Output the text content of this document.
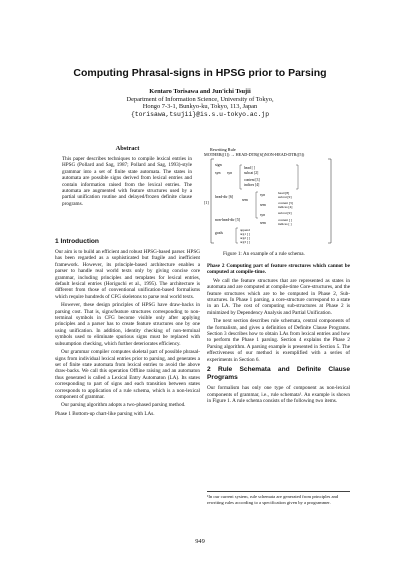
Computing Phrasal-signs in HPSG prior to Parsing
Kentaro Torisawa and Jun'ichi Tsujii
Department of Information Science, University of Tokyo,
Hongo 7-3-1, Bunkyo-ku, Tokyo, 113, Japan
{torisawa,tsujii}@is.s.u-tokyo.ac.jp
Abstract
This paper describes techniques to compile lexical entries in HPSG (Pollard and Sag, 1987; Pollard and Sag, 1993)-style grammar into a set of finite state automata. The states in automata are possible signs derived from lexical entries and contain information raised from the lexical entries. The automata are augmented with feature structures used by a partial unification routine and delayed/frozen definite clause programs.
1 Introduction

Our aim is to build an efficient and robust HPSG-based parser. HPSG has been regarded as a sophisticated but fragile and inefficient framework. However, its principle-based architecture enables a parser to handle real world texts only by giving concise core grammar, including principles and templates for lexical entries, default lexical entries (Horiguchi et al., 1995). The architecture is different from those of conventional unification-based formalisms which require hundreds of CFG skeletons to parse real world texts.

However, these design principles of HPSG have draw-backs in parsing cost. That is, signs/feature structures corresponding to non-terminal symbols in CFG become visible only after applying principles and a parser has to create feature structures one by one using unification. In addition, identity checking of non-terminal symbols used to eliminate spurious signs must be replaced with subsumption checking, which further deteriorates efficiency.

Our grammar compiler computes skeletal part of possible phrasal-signs from individual lexical entries prior to parsing, and generates a set of finite state automata from lexical entries to avoid the above draw-backs. We call this operation Offline raising and an automaton thus generated is called a Lexical Entry Automaton (LA). Its states corresponding to part of signs and each transition between states corresponds to application of a rule schema, which is a non-lexical component of grammar.

Our parsing algorithm adopts a two-phased parsing method.

Phase 1 Bottom-up chart-like parsing with LAs.

Rewriting Rule
MOTHER([1]) → HEAD-DTR([6])NON-HEAD-DTR([5])
[1]
sign
syn syn
head [ ]
subcat [2]
content [3]
indices [4]
head-dtr [6]
sem
syn	head [8]
subcat [9]
sem	content [3]
indices [4]
non-head-dtr [5]
syn	subcat [9]
sem
content [ ]
indices [ ]
goals
append
arg1 [ ]
arg2 [ ]
arg3 [ ]
Figure 1: An example of a rule schema.

Phase 2 Computing part of feature structures which cannot be computed at compile-time.

We call the feature structures that are represented as states in automata and are computed at compile-time Core-structures, and the feature structures which are to be computed in Phase 2, Sub-structures. In Phase 1 parsing, a core-structure correspond to a state in an LA. The cost of computing sub-structures at Phase 2 is minimized by Dependency Analysis and Partial Unification.

The next section describes rule schemata, central components of the formalism, and gives a definition of Definite Clause Programs. Section 3 describes how to obtain LAs from lexical entries and how to perform the Phase 1 parsing. Section 4 explains the Phase 2 Parsing algorithm. A parsing example is presented in Section 5. The effectiveness of our method is exemplified with a series of experiments in Section 6.

2 Rule Schemata and Definite Clause Programs

Our formalism has only one type of component as non-lexical components of grammar, i.e., rule schemata¹. An example is shown in Figure 1. A rule schema consists of the following two items.

¹In our current system, rule schemata are generated from principles and rewriting rules according to a specification given by a programmer.
949
